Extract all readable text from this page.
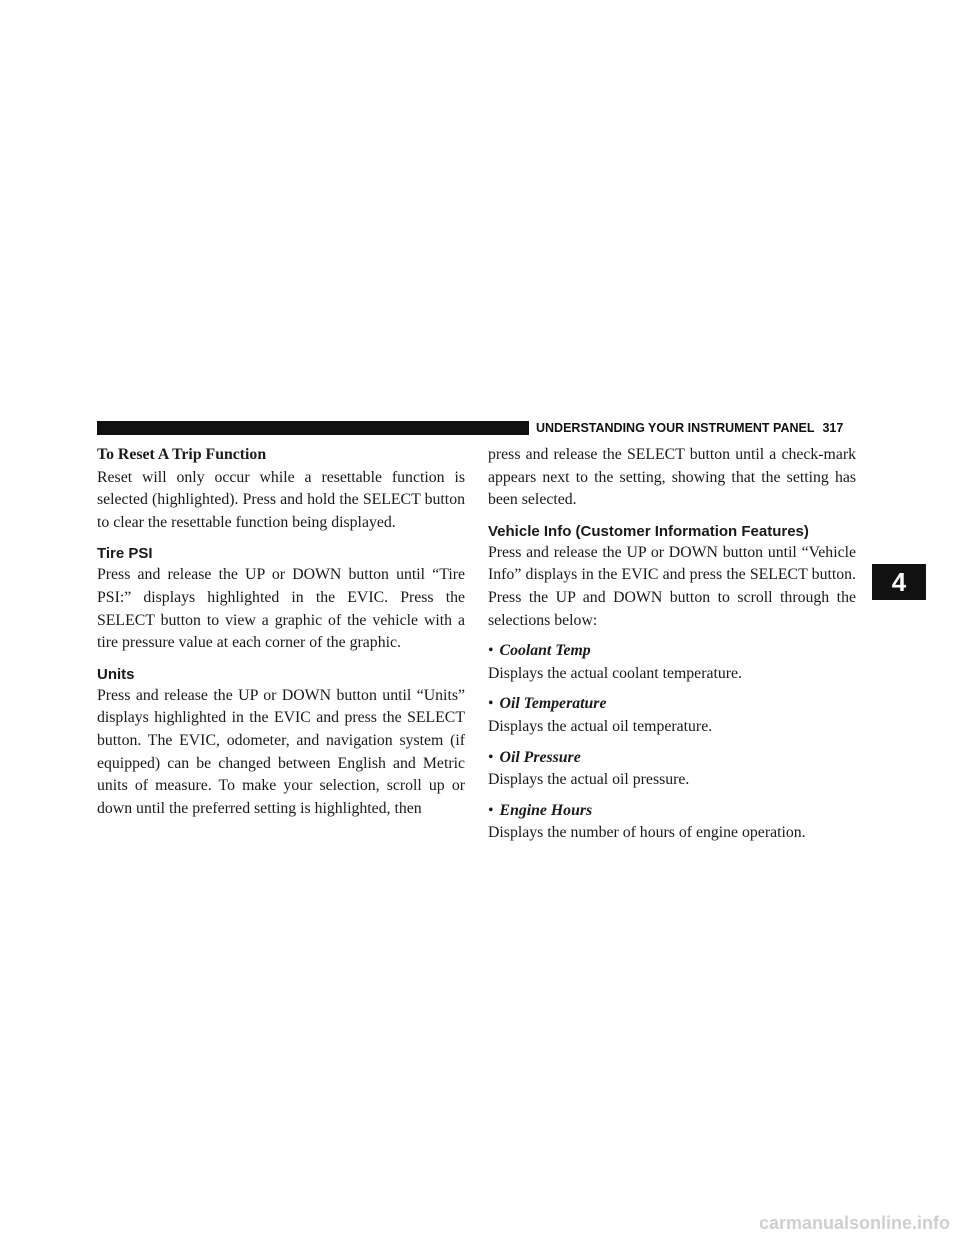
UNDERSTANDING YOUR INSTRUMENT PANEL 317

To Reset A Trip Function

Reset will only occur while a resettable function is selected (highlighted). Press and hold the SELECT button to clear the resettable function being displayed.

Tire PSI

Press and release the UP or DOWN button until “Tire PSI:” displays highlighted in the EVIC. Press the SELECT button to view a graphic of the vehicle with a tire pressure value at each corner of the graphic.

Units

Press and release the UP or DOWN button until “Units” displays highlighted in the EVIC and press the SELECT button. The EVIC, odometer, and navigation system (if equipped) can be changed between English and Metric units of measure. To make your selection, scroll up or down until the preferred setting is highlighted, then

press and release the SELECT button until a check-mark appears next to the setting, showing that the setting has been selected.

Vehicle Info (Customer Information Features)

Press and release the UP or DOWN button until “Vehicle Info” displays in the EVIC and press the SELECT button. Press the UP and DOWN button to scroll through the selections below:

• Coolant Temp

Displays the actual coolant temperature.

• Oil Temperature

Displays the actual oil temperature.

• Oil Pressure

Displays the actual oil pressure.

• Engine Hours

Displays the number of hours of engine operation.

4
carmanualsonline.info
